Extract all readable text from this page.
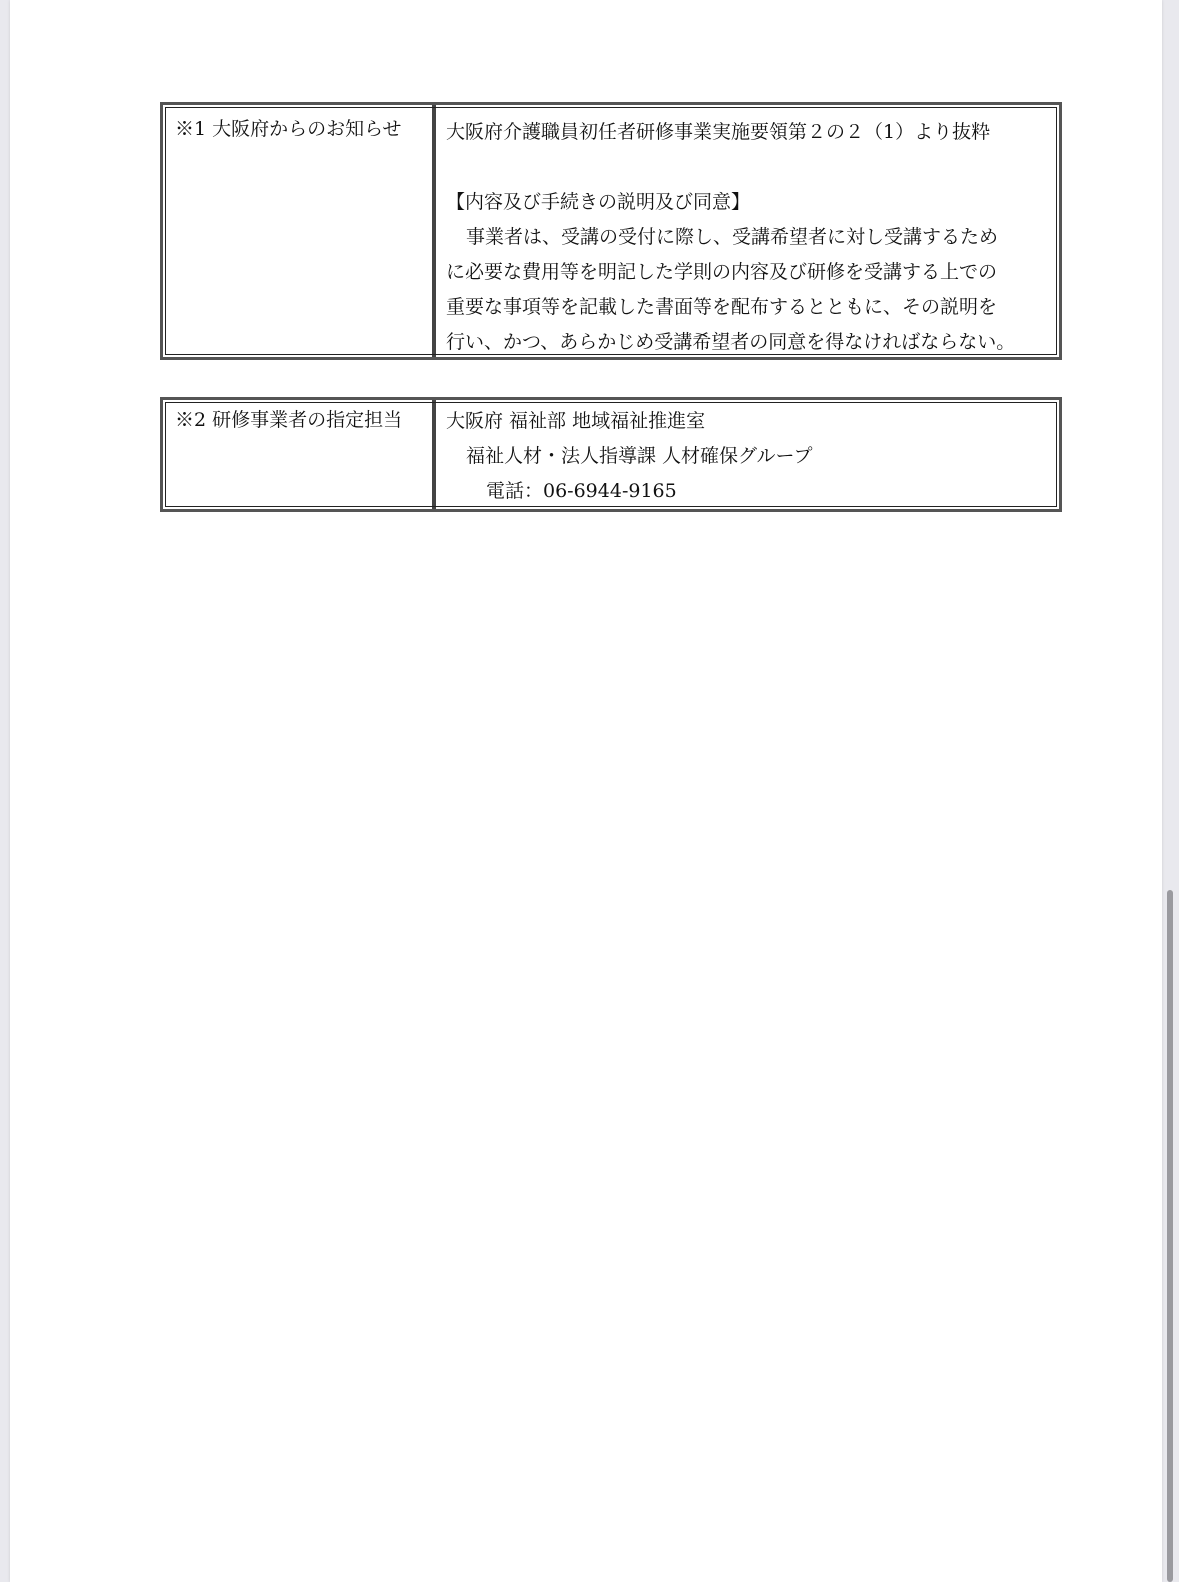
※1 大阪府からのお知らせ	大阪府介護職員初任者研修事業実施要領第２の２（1）より抜粋
【内容及び手続きの説明及び同意】
事業者は、受講の受付に際し、受講希望者に対し受講するため
に必要な費用等を明記した学則の内容及び研修を受講する上での
重要な事項等を記載した書面等を配布するとともに、その説明を
行い、かつ、あらかじめ受講希望者の同意を得なければならない。
※2 研修事業者の指定担当	大阪府 福祉部 地域福祉推進室
福祉人材・法人指導課 人材確保グループ
電話：06-6944-9165
